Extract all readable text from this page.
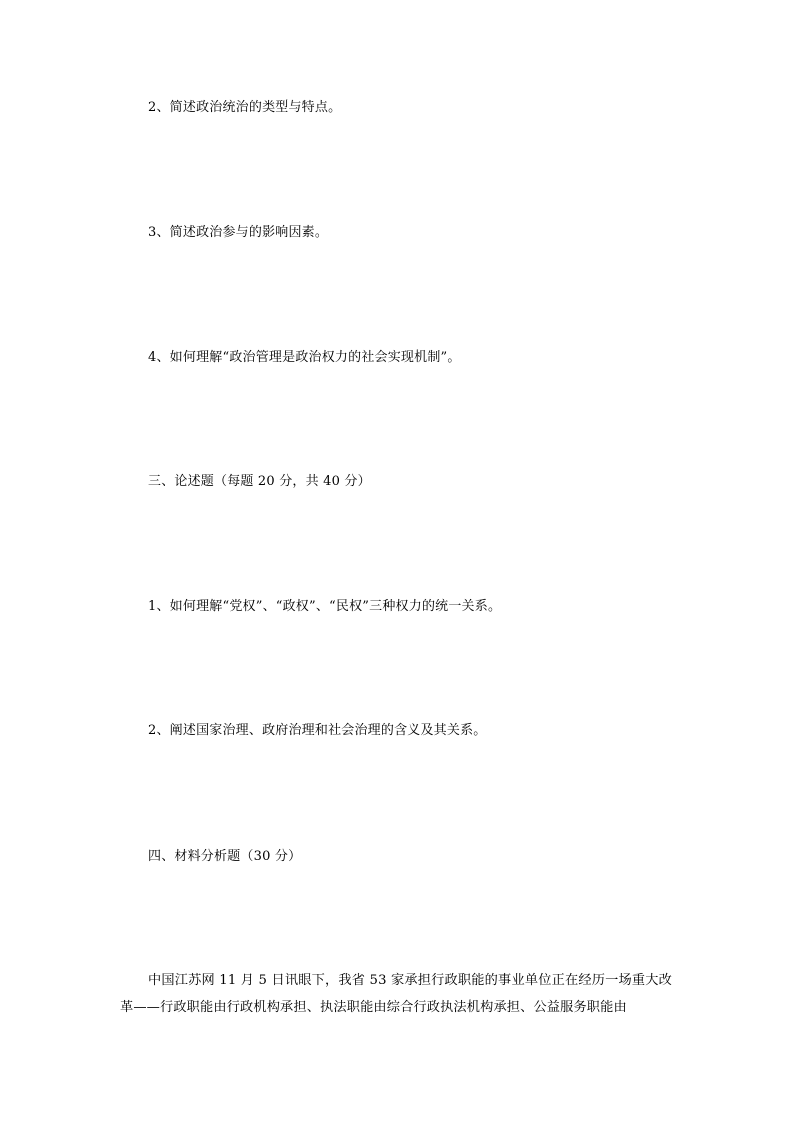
2、简述政治统治的类型与特点。
3、简述政治参与的影响因素。
4、如何理解“政治管理是政治权力的社会实现机制”。
三、论述题（每题 20 分，共 40 分）
1、如何理解“党权”、“政权”、“民权”三种权力的统一关系。
2、阐述国家治理、政府治理和社会治理的含义及其关系。
四、材料分析题（30 分）
中国江苏网 11 月 5 日讯眼下，我省 53 家承担行政职能的事业单位正在经历一场重大改革——行政职能由行政机构承担、执法职能由综合行政执法机构承担、公益服务职能由
